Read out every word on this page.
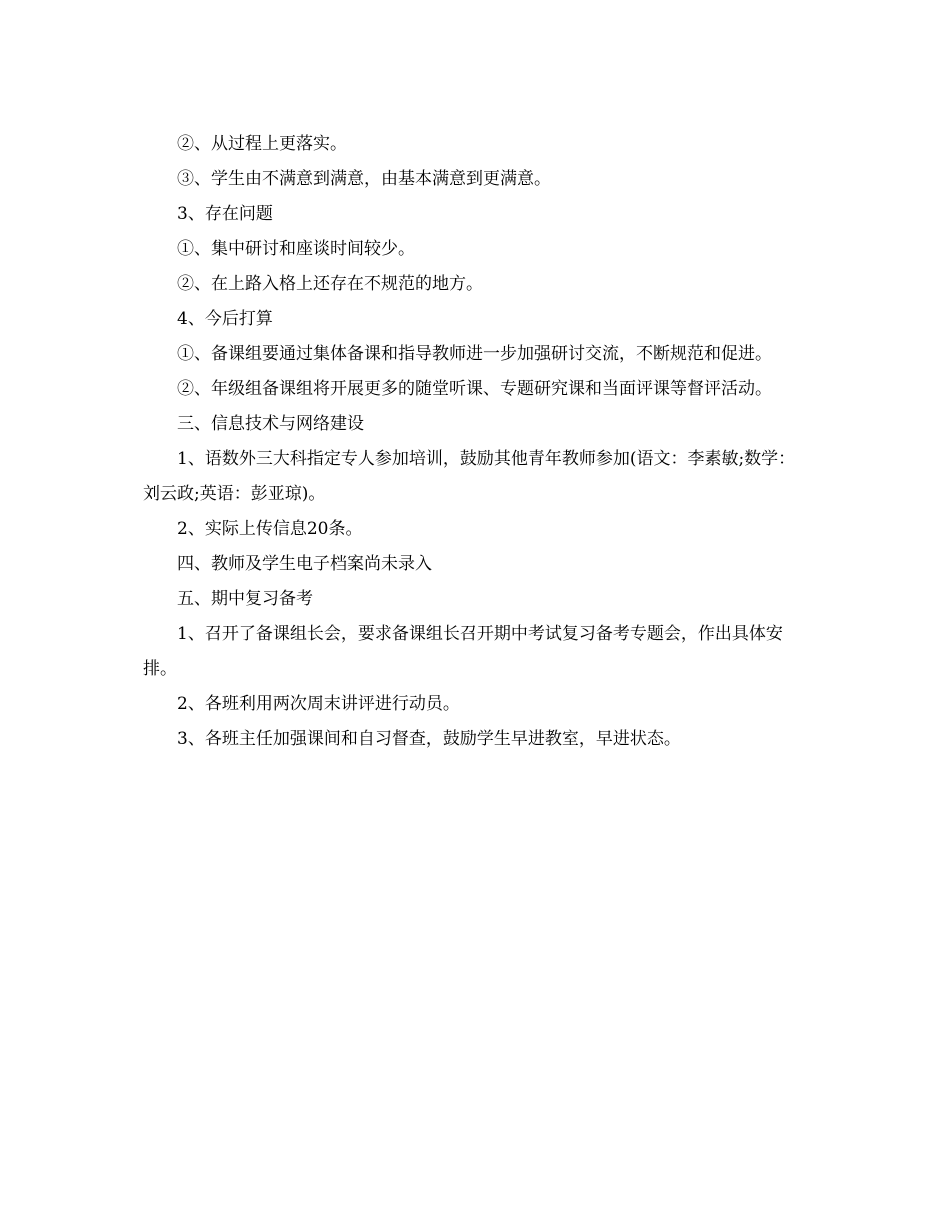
②、从过程上更落实。

③、学生由不满意到满意，由基本满意到更满意。

3、存在问题

①、集中研讨和座谈时间较少。

②、在上路入格上还存在不规范的地方。

4、今后打算

①、备课组要通过集体备课和指导教师进一步加强研讨交流，不断规范和促进。

②、年级组备课组将开展更多的随堂听课、专题研究课和当面评课等督评活动。

三、信息技术与网络建设

1、语数外三大科指定专人参加培训，鼓励其他青年教师参加(语文：李素敏;数学：刘云政;英语：彭亚琼)。

2、实际上传信息20条。

四、教师及学生电子档案尚未录入

五、期中复习备考

1、召开了备课组长会，要求备课组长召开期中考试复习备考专题会，作出具体安排。

2、各班利用两次周末讲评进行动员。

3、各班主任加强课间和自习督查，鼓励学生早进教室，早进状态。
